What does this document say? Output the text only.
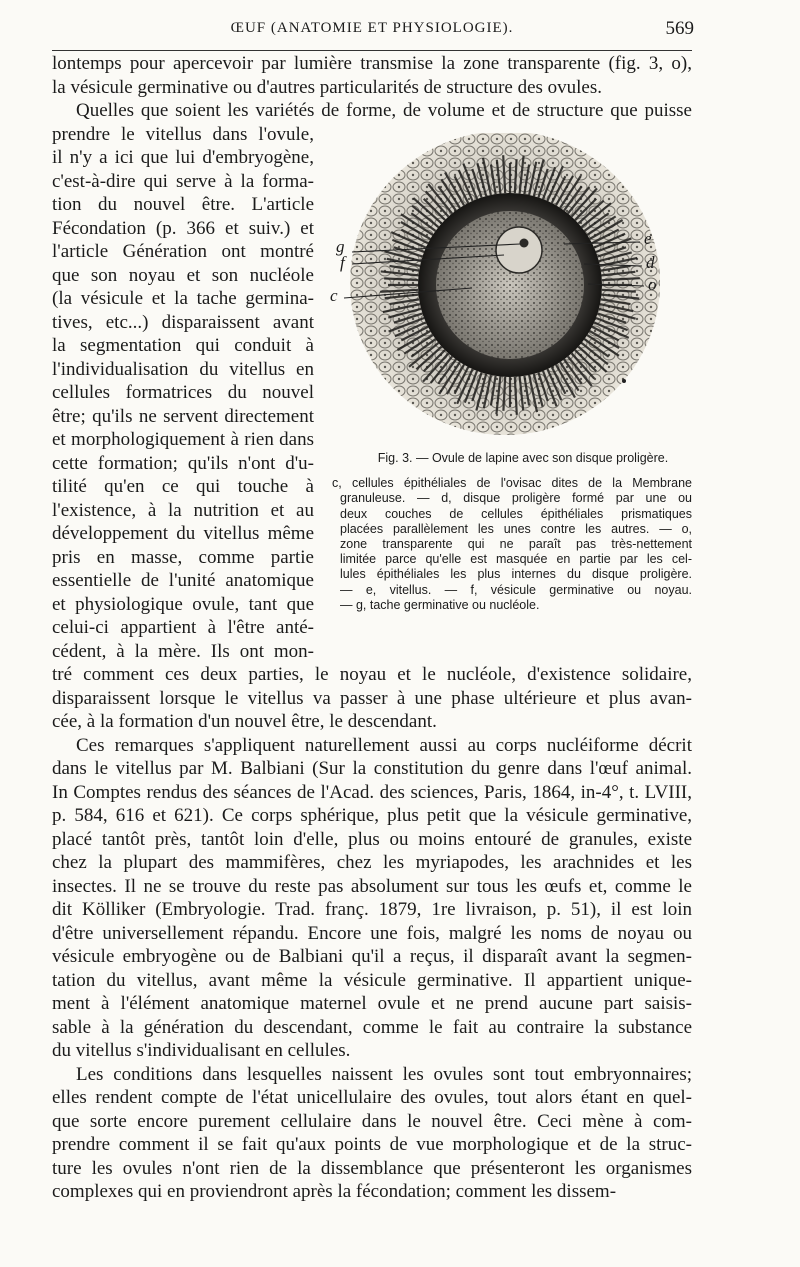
ŒUF (ANATOMIE ET PHYSIOLOGIE).	569
lontemps pour apercevoir par lumière transmise la zone transparente (fig. 3, o),
la vésicule germinative ou d'autres particularités de structure des ovules.
Quelles que soient les variétés de forme, de volume et de structure que puisse
prendre le vitellus dans l'ovule,
il n'y a ici que lui d'embryogène,
c'est-à-dire qui serve à la forma-
tion du nouvel être. L'article
Fécondation (p. 366 et suiv.) et
l'article Génération ont montré
que son noyau et son nucléole
(la vésicule et la tache germina-
tives, etc...) disparaissent avant
la segmentation qui conduit à
l'individualisation du vitellus en
cellules formatrices du nouvel
être; qu'ils ne servent directement
et morphologiquement à rien dans
cette formation; qu'ils n'ont d'u-
tilité qu'en ce qui touche à
l'existence, à la nutrition et au
développement du vitellus même
pris en masse, comme partie
essentielle de l'unité anatomique
et physiologique ovule, tant que
celui-ci appartient à l'être anté-
cédent, à la mère. Ils ont mon-
tré comment ces deux parties, le noyau et le nucléole, d'existence solidaire,
disparaissent lorsque le vitellus va passer à une phase ultérieure et plus avan-
cée, à la formation d'un nouvel être, le descendant.
Ces remarques s'appliquent naturellement aussi au corps nucléiforme décrit
dans le vitellus par M. Balbiani (Sur la constitution du genre dans l'œuf animal.
In Comptes rendus des séances de l'Acad. des sciences, Paris, 1864, in-4°, t. LVIII,
p. 584, 616 et 621). Ce corps sphérique, plus petit que la vésicule germinative,
placé tantôt près, tantôt loin d'elle, plus ou moins entouré de granules, existe
chez la plupart des mammifères, chez les myriapodes, les arachnides et les
insectes. Il ne se trouve du reste pas absolument sur tous les œufs et, comme le
dit Kölliker (Embryologie. Trad. franç. 1879, 1re livraison, p. 51), il est loin
d'être universellement répandu. Encore une fois, malgré les noms de noyau ou
vésicule embryogène ou de Balbiani qu'il a reçus, il disparaît avant la segmen-
tation du vitellus, avant même la vésicule germinative. Il appartient unique-
ment à l'élément anatomique maternel ovule et ne prend aucune part saisis-
sable à la génération du descendant, comme le fait au contraire la substance
du vitellus s'individualisant en cellules.
Les conditions dans lesquelles naissent les ovules sont tout embryonnaires;
elles rendent compte de l'état unicellulaire des ovules, tout alors étant en quel-
que sorte encore purement cellulaire dans le nouvel être. Ceci mène à com-
prendre comment il se fait qu'aux points de vue morphologique et de la struc-
ture les ovules n'ont rien de la dissemblance que présenteront les organismes
complexes qui en proviendront après la fécondation; comment les dissem-
g
f
c
e
d
o
Fig. 3. — Ovule de lapine avec son disque proligère.
c, cellules épithéliales de l'ovisac dites de la Membrane
granuleuse. — d, disque proligère formé par une ou
deux couches de cellules épithéliales prismatiques
placées parallèlement les unes contre les autres. — o,
zone transparente qui ne paraît pas très-nettement
limitée parce qu'elle est masquée en partie par les cel-
lules épithéliales les plus internes du disque proligère.
— e, vitellus. — f, vésicule germinative ou noyau.
— g, tache germinative ou nucléole.
